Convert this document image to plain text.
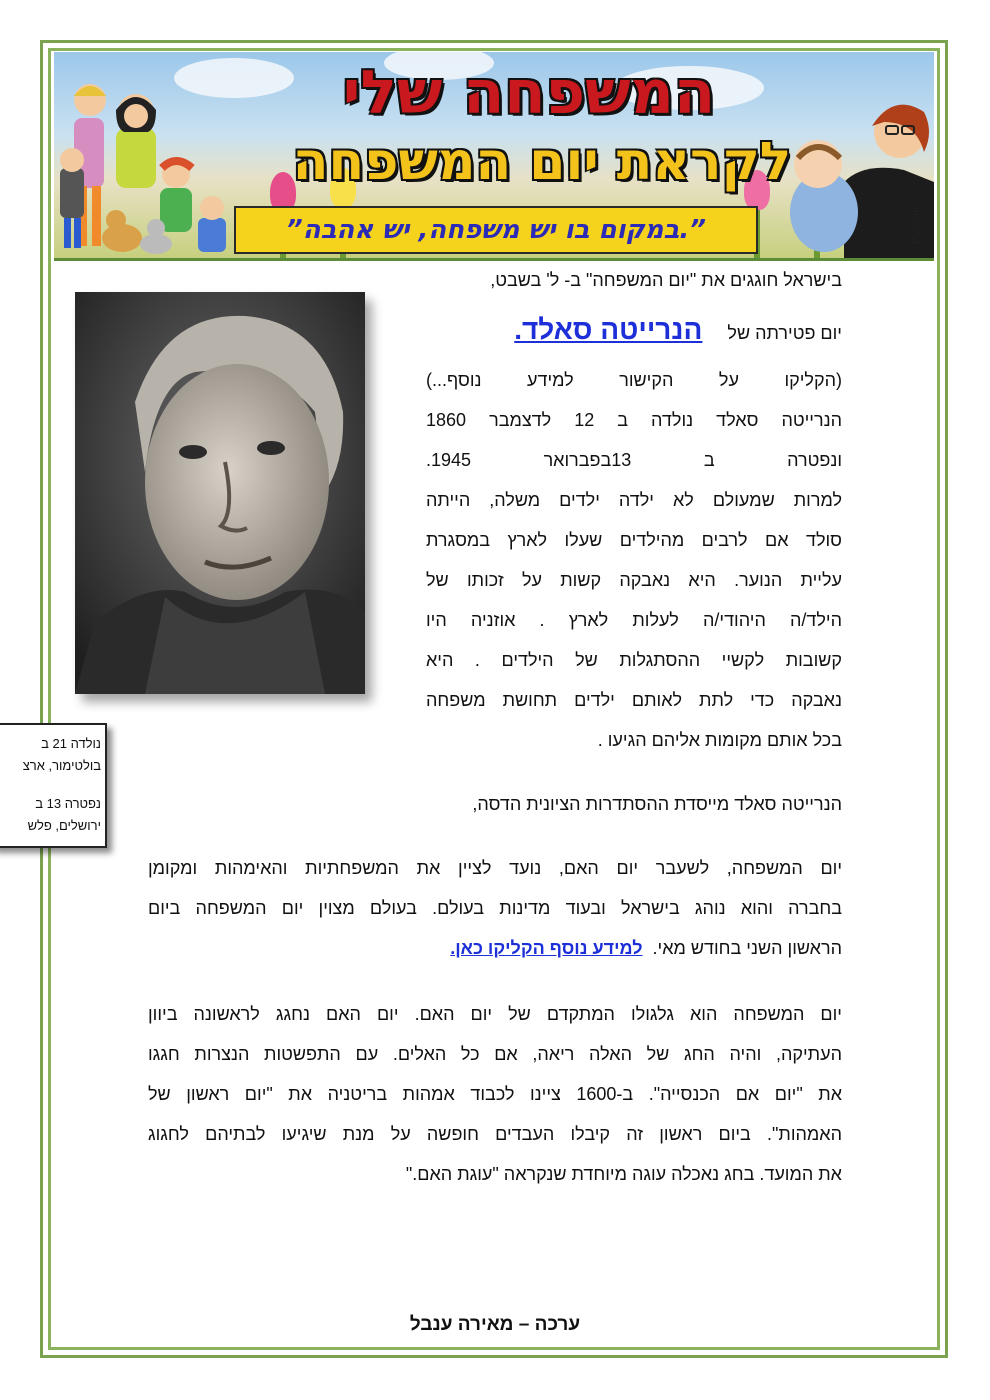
המשפחה שלי
לקראת יום המשפחה
”במקום בו יש משפחה, יש אהבה.”	נגה שאוזי

נולדה 21 ב

בולטימור, ארצ

נפטרה 13 ב

ירושלים, פלש

בישראל חוגגים את "יום המשפחה" ב- ל' בשבט,
יום פטירתה של     הנרייטה סאלד.
(הקליקו על הקישור למידע נוסף...)
הנרייטה סאלד נולדה ב 12 לדצמבר 1860
ונפטרה ב 13בפברואר 1945.
למרות שמעולם לא ילדה ילדים משלה, הייתה
סולד אם לרבים מהילדים שעלו לארץ במסגרת
עליית הנוער. היא נאבקה קשות על זכותו של
הילד/ה היהודי/ה לעלות לארץ . אוזניה היו
קשובות לקשיי ההסתגלות של הילדים . היא
נאבקה כדי לתת לאותם ילדים תחושת משפחה
בכל אותם מקומות אליהם הגיעו .
הנרייטה סאלד מייסדת ההסתדרות הציונית הדסה,
יום המשפחה, לשעבר יום האם, נועד לציין את המשפחתיות והאימהות ומקומן
בחברה והוא נוהג בישראל ובעוד מדינות בעולם. בעולם מצוין יום המשפחה ביום
הראשון השני בחודש מאי.  למידע נוסף הקליקו כאן.
יום המשפחה הוא גלגולו המתקדם של יום האם. יום האם נחגג לראשונה ביוון
העתיקה, והיה החג של האלה ריאה, אם כל האלים. עם התפשטות הנצרות חגגו
את "יום אם הכנסייה". ב-1600 ציינו לכבוד אמהות בריטניה את "יום ראשון של
האמהות". ביום ראשון זה קיבלו העבדים חופשה על מנת שיגיעו לבתיהם לחגוג
את המועד. בחג נאכלה עוגה מיוחדת שנקראה "עוגת האם."
ערכה – מאירה ענבל
